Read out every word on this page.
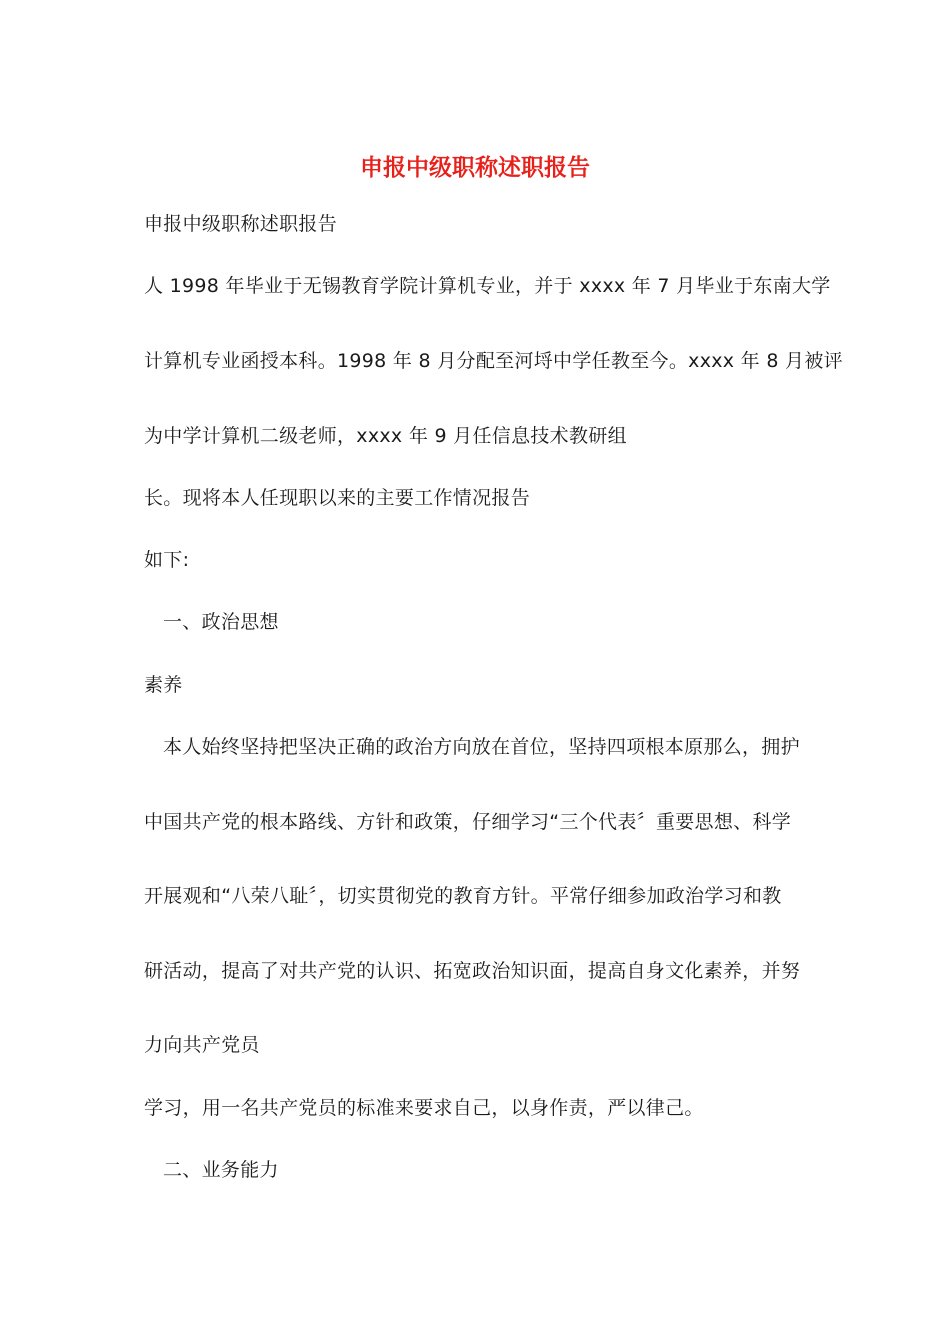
申报中级职称述职报告

申报中级职称述职报告

人 1998 年毕业于无锡教育学院计算机专业，并于 xxxx 年 7 月毕业于东南大学

计算机专业函授本科。1998 年 8 月分配至河埒中学任教至今。xxxx 年 8 月被评

为中学计算机二级老师，xxxx 年 9 月任信息技术教研组

长。现将本人任现职以来的主要工作情况报告

如下:

一、政治思想

素养

本人始终坚持把坚决正确的政治方向放在首位，坚持四项根本原那么，拥护

中国共产党的根本路线、方针和政策，仔细学习“三个代表〞重要思想、科学

开展观和“八荣八耻〞，切实贯彻党的教育方针。平常仔细参加政治学习和教

研活动，提高了对共产党的认识、拓宽政治知识面，提高自身文化素养，并努

力向共产党员

学习，用一名共产党员的标准来要求自己，以身作责，严以律己。

二、业务能力
